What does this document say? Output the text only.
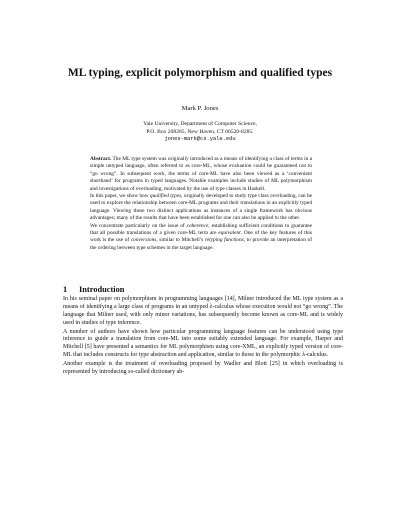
ML typing, explicit polymorphism and qualified types
Mark P. Jones
Yale University, Department of Computer Science,
P.O. Box 208285, New Haven, CT 06520-8285.
jones-mark@cs.yale.edu

Abstract. The ML type system was originally introduced as a means of identifying a class of terms in a simple untyped language, often referred to as core-ML, whose evaluation could be guaranteed not to “go wrong”. In subsequent work, the terms of core-ML have also been viewed as a ‘convenient shorthand’ for programs in typed languages. Notable examples include studies of ML polymorphism and investigations of overloading, motivated by the use of type classes in Haskell.

In this paper, we show how qualified types, originally developed to study type class overloading, can be used to explore the relationship between core-ML programs and their translations in an explicitly typed language. Viewing these two distinct applications as instances of a single framework has obvious advantages; many of the results that have been established for one can also be applied to the other.

We concentrate particularly on the issue of coherence, establishing sufficient conditions to guarantee that all possible translations of a given core-ML term are equivalent. One of the key features of this work is the use of conversions, similar to Mitchell’s retyping functions, to provide an interpretation of the ordering between type schemes in the target language.

1 Introduction

In his seminal paper on polymorphism in programming languages [14], Milner introduced the ML type system as a means of identifying a large class of programs in an untyped λ-calculus whose execution would not “go wrong”. The language that Milner used, with only minor variations, has subsequently become known as core-ML and is widely used in studies of type inference.

A number of authors have shown how particular programming language features can be understood using type inference to guide a translation from core-ML into some suitably extended language. For example, Harper and Mitchell [5] have presented a semantics for ML polymorphism using core-XML, an explicitly typed version of core-ML that includes constructs for type abstraction and application, similar to those in the polymorphic λ-calculus.

Another example is the treatment of overloading proposed by Wadler and Blott [25] in which overloading is represented by introducing so-called dictionary ab-
